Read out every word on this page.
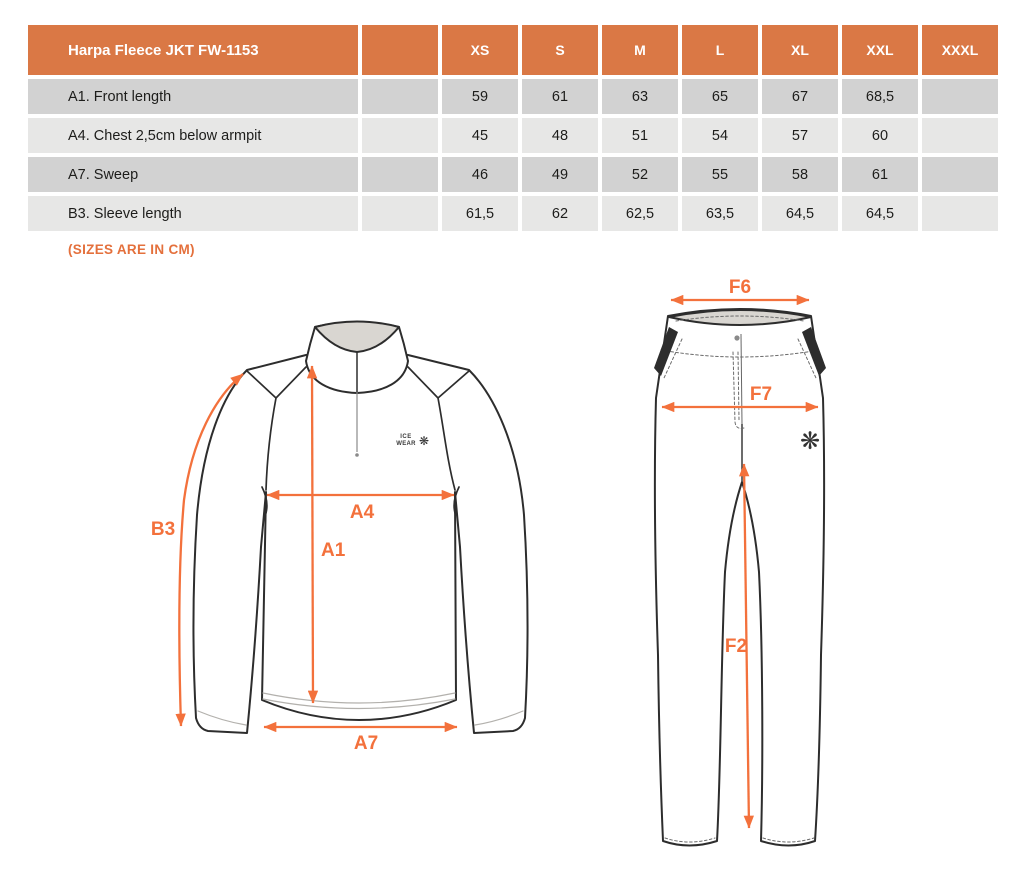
Harpa Fleece JKT FW-1153	XS	S	M	L	XL	XXL	XXXL
A1. Front length	59	61	63	65	67	68,5
A4. Chest 2,5cm below armpit	45	48	51	54	57	60
A7. Sweep	46	49	52	55	58	61
B3. Sleeve length	61,5	62	62,5	63,5	64,5	64,5
(SIZES ARE IN CM)
ICE
WEAR ❋
B3
A1
A4
A7
❋
F6
F7
F2
